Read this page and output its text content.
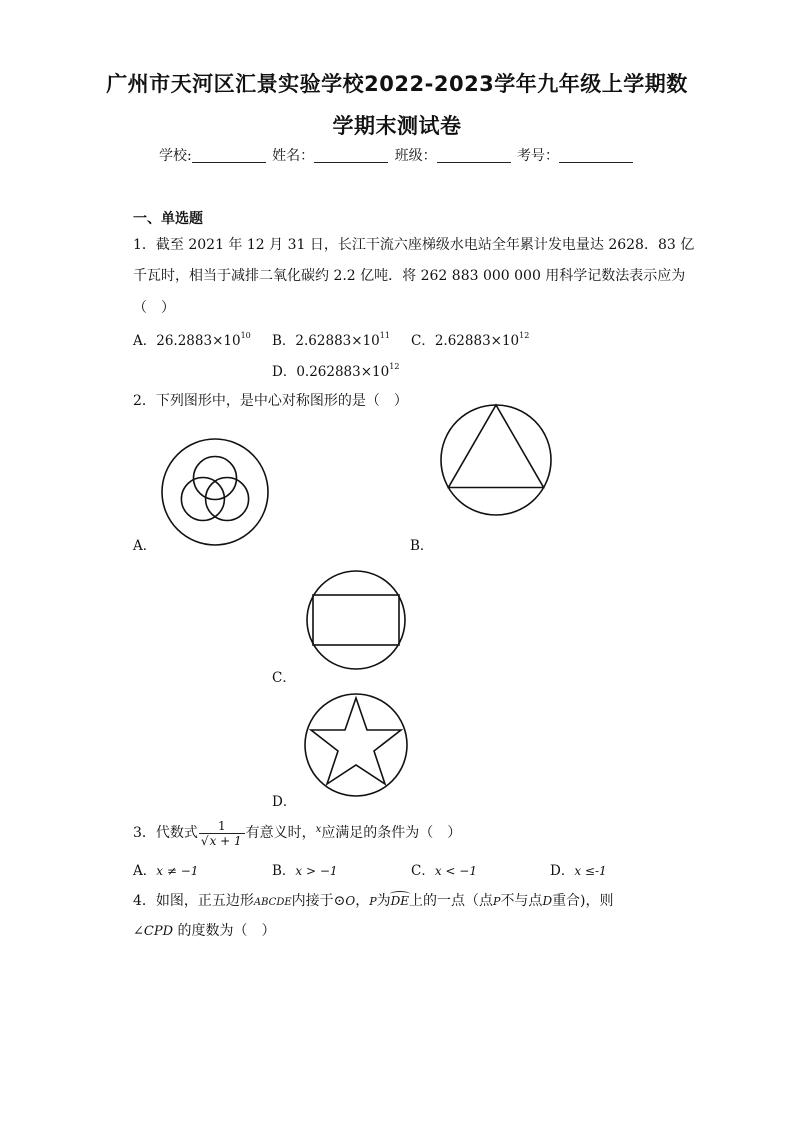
广州市天河区汇景实验学校2022-2023学年九年级上学期数
学期末测试卷
学校:	姓名：	班级：	考号：
一、单选题
1．截至 2021 年 12 月 31 日，长江干流六座梯级水电站全年累计发电量达 2628．83 亿
千瓦时，相当于减排二氧化碳约 2.2 亿吨．将 262 883 000 000 用科学记数法表示应为
（　）
A．$26.2883\times 10^{10}$ B．$2.62883\times 10^{11}$ C．$2.62883\times 10^{12}$
D．$0.262883\times 10^{12}$
2．下列图形中，是中心对称图形的是（　）
A．	B．
C．
D．
3．代数式 $\frac{1}{√x + 1}$ 有意义时，$^x$应满足的条件为（　）
A．x ≠ −1	B．x > −1	C．x < −1	D．x ≤-1
4．如图，正五边形ABCDE内接于⊙O，P为DE上的一点（点P不与点D重合)，则
∠CPD 的度数为（　）
